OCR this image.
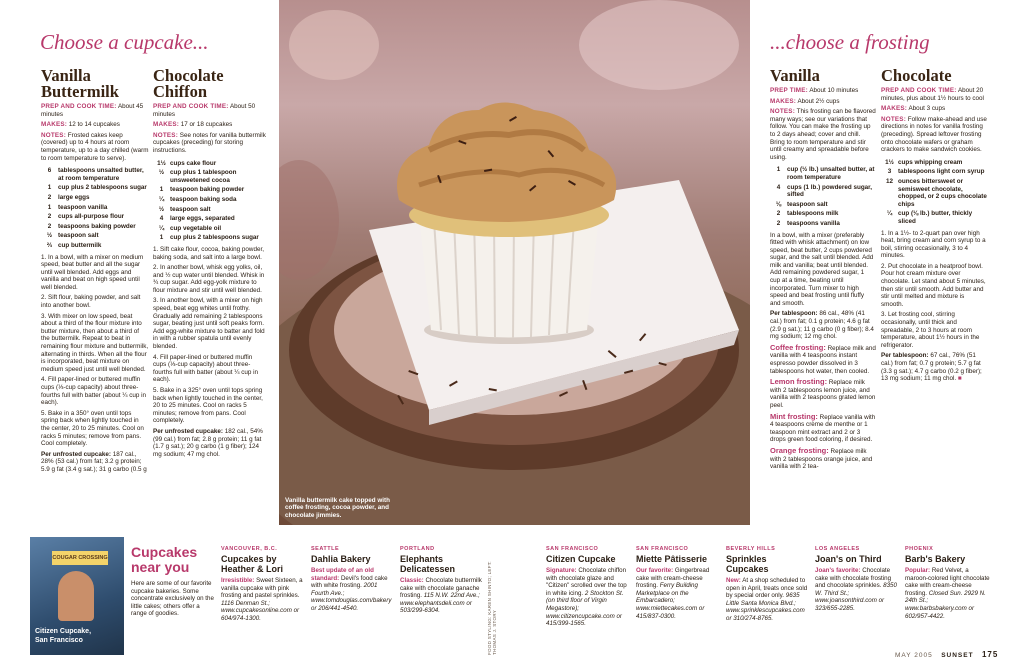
Choose a cupcake...	...choose a frosting
Vanilla
Buttermilk

PREP AND COOK TIME: About 45 minutes

MAKES: 12 to 14 cupcakes

NOTES: Frosted cakes keep (covered) up to 4 hours at room temperature, up to a day chilled (warm to room temperature to serve).

6	tablespoons unsalted butter, at room temperature
1	cup plus 2 tablespoons sugar
2	large eggs
1	teaspoon vanilla
2	cups all-purpose flour
2	teaspoons baking powder
½ teaspoon salt
⅔ cup buttermilk

1. In a bowl, with a mixer on medium speed, beat butter and all the sugar until well blended. Add eggs and vanilla and beat on high speed until well blended.

2. Sift flour, baking powder, and salt into another bowl.

3. With mixer on low speed, beat about a third of the flour mixture into butter mixture, then about a third of the buttermilk. Repeat to beat in remaining flour mixture and buttermilk, alternating in thirds. When all the flour is incorporated, beat mixture on medium speed just until well blended.

4. Fill paper-lined or buttered muffin cups (⅓-cup capacity) about three-fourths full with batter (about ¼ cup in each).

5. Bake in a 350° oven until tops spring back when lightly touched in the center, 20 to 25 minutes. Cool on racks 5 minutes; remove from pans. Cool completely.

Per unfrosted cupcake: 187 cal., 28% (53 cal.) from fat; 3.2 g protein; 5.9 g fat (3.4 g sat.); 31 g carbo (0.5 g

Chocolate
Chiffon

PREP AND COOK TIME: About 50 minutes

MAKES: 17 or 18 cupcakes

NOTES: See notes for vanilla buttermilk cupcakes (preceding) for storing instructions.

1½ cups cake flour
½ cup plus 1 tablespoon unsweetened cocoa
1	teaspoon baking powder
¼ teaspoon baking soda
½ teaspoon salt
4	large eggs, separated
¼ cup vegetable oil
1	cup plus 2 tablespoons sugar

1. Sift cake flour, cocoa, baking powder, baking soda, and salt into a large bowl.

2. In another bowl, whisk egg yolks, oil, and ½ cup water until blended. Whisk in ¾ cup sugar. Add egg-yolk mixture to flour mixture and stir until well blended.

3. In another bowl, with a mixer on high speed, beat egg whites until frothy. Gradually add remaining 2 tablespoons sugar, beating just until soft peaks form. Add egg-white mixture to batter and fold in with a rubber spatula until evenly blended.

4. Fill paper-lined or buttered muffin cups (⅓-cup capacity) about three-fourths full with batter (about ¼ cup in each).

5. Bake in a 325° oven until tops spring back when lightly touched in the center, 20 to 25 minutes. Cool on racks 5 minutes; remove from pans. Cool completely.

Per unfrosted cupcake: 182 cal., 54% (99 cal.) from fat; 2.8 g protein; 11 g fat (1.7 g sat.); 20 g carbo (1 g fiber); 124 mg sodium; 47 mg chol.

Vanilla buttermilk cake topped with coffee frosting, cocoa powder, and chocolate jimmies.
Vanilla

PREP TIME: About 10 minutes

MAKES: About 2½ cups

NOTES: This frosting can be flavored many ways; see our variations that follow. You can make the frosting up to 2 days ahead; cover and chill. Bring to room temperature and stir until creamy and spreadable before using.

1	cup (½ lb.) unsalted butter, at room temperature
4	cups (1 lb.) powdered sugar, sifted
⅛ teaspoon salt
2	tablespoons milk
2	teaspoons vanilla

In a bowl, with a mixer (preferably fitted with whisk attachment) on low speed, beat butter, 2 cups powdered sugar, and the salt until blended. Add milk and vanilla; beat until blended. Add remaining powdered sugar, 1 cup at a time, beating until incorporated. Turn mixer to high speed and beat frosting until fluffy and smooth.

Per tablespoon: 86 cal., 48% (41 cal.) from fat; 0.1 g protein; 4.6 g fat (2.9 g sat.); 11 g carbo (0 g fiber); 8.4 mg sodium; 12 mg chol.

Coffee frosting: Replace milk and vanilla with 4 teaspoons instant espresso powder dissolved in 3 tablespoons hot water, then cooled.

Lemon frosting: Replace milk with 2 tablespoons lemon juice, and vanilla with 2 teaspoons grated lemon peel.

Mint frosting: Replace vanilla with 4 teaspoons crème de menthe or 1 teaspoon mint extract and 2 or 3 drops green food coloring, if desired.

Orange frosting: Replace milk with 2 tablespoons orange juice, and vanilla with 2 tea-

Chocolate

PREP AND COOK TIME: About 20 minutes, plus about 1½ hours to cool

MAKES: About 3 cups

NOTES: Follow make-ahead and use directions in notes for vanilla frosting (preceding). Spread leftover frosting onto chocolate wafers or graham crackers to make sandwich cookies.

1½ cups whipping cream
3	tablespoons light corn syrup
12 ounces bittersweet or semisweet chocolate, chopped, or 2 cups chocolate chips
¼ cup (⅛ lb.) butter, thickly sliced

1. In a 1½- to 2-quart pan over high heat, bring cream and corn syrup to a boil, stirring occasionally, 3 to 4 minutes.

2. Put chocolate in a heatproof bowl. Pour hot cream mixture over chocolate. Let stand about 5 minutes, then stir until smooth. Add butter and stir until melted and mixture is smooth.

3. Let frosting cool, stirring occasionally, until thick and spreadable, 2 to 3 hours at room temperature, about 1½ hours in the refrigerator.

Per tablespoon: 67 cal., 76% (51 cal.) from fat; 0.7 g protein; 5.7 g fat (3.3 g sat.); 4.7 g carbo (0.2 g fiber); 13 mg sodium; 11 mg chol. ■

COUGAR CROSSING
Citizen Cupcake,
San Francisco
Cupcakes
near you
Here are some of our favorite cupcake bakeries. Some concentrate exclusively on the little cakes; others offer a range of goodies.
VANCOUVER, B.C.
Cupcakes by Heather & Lori
Irresistible: Sweet Sixteen, a vanilla cupcake with pink frosting and pastel sprinkles. 1116 Denman St.; www.cupcakesonline.com or 604/974-1300.
SEATTLE
Dahlia Bakery
Best update of an old standard: Devil's food cake with white frosting. 2001 Fourth Ave.; www.tomdouglas.com/bakery or 206/441-4540.
PORTLAND
Elephants Delicatessen
Classic: Chocolate buttermilk cake with chocolate ganache frosting. 115 N.W. 22nd Ave.; www.elephantsdeli.com or 503/299-6304.
SAN FRANCISCO
Citizen Cupcake
Signature: Chocolate chiffon with chocolate glaze and "Citizen" scrolled over the top in white icing. 2 Stockton St. (on third floor of Virgin Megastore); www.citizencupcake.com or 415/399-1565.
SAN FRANCISCO
Miette Pâtisserie
Our favorite: Gingerbread cake with cream-cheese frosting. Ferry Building Marketplace on the Embarcadero; www.miettecakes.com or 415/837-0300.
BEVERLY HILLS
Sprinkles Cupcakes
New: At a shop scheduled to open in April, treats once sold by special order only. 9635 Little Santa Monica Blvd.; www.sprinklescupcakes.com or 310/274-8765.
LOS ANGELES
Joan's on Third
Joan's favorite: Chocolate cake with chocolate frosting and chocolate sprinkles. 8350 W. Third St.; www.joansonthird.com or 323/655-2285.
PHOENIX
Barb's Bakery
Popular: Red Velvet, a maroon-colored light chocolate cake with cream-cheese frosting. Closed Sun. 2929 N. 24th St.; www.barbsbakery.com or 602/957-4422.
FOOD STYLING: KAREN SHINTO; LEFT: THOMAS J. STORY
MAY 2005 SUNSET 175
